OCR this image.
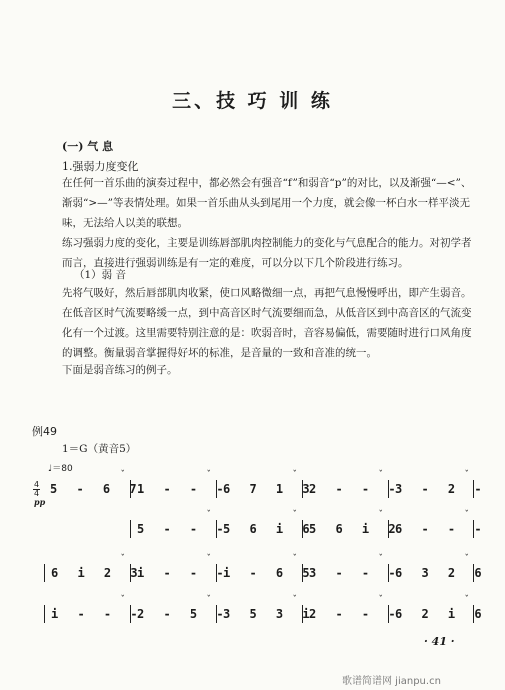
三、技 巧 训 练
(一) 气 息
1.强弱力度变化
在任何一首乐曲的演奏过程中，都必然会有强音“f”和弱音“p”的对比，以及渐强“—<”、渐弱“>—”等表情处理。如果一首乐曲从头到尾用一个力度，就会像一杯白水一样平淡无味，无法给人以美的联想。
练习强弱力度的变化，主要是训练唇部肌肉控制能力的变化与气息配合的能力。对初学者而言，直接进行强弱训练是有一定的难度，可以分以下几个阶段进行练习。
（1）弱 音
先将气吸好，然后唇部肌肉收紧，使口风略微细一点，再把气息慢慢呼出，即产生弱音。在低音区时气流要略缓一点，到中高音区时气流要细而急，从低音区到中高音区的气流变化有一个过渡。这里需要特别注意的是：吹弱音时，音容易偏低，需要随时进行口风角度的调整。衡量弱音掌握得好坏的标准，是音量的一致和音准的统一。
下面是弱音练习的例子。
例49
1＝G（黄音5）
♩＝80
4
4
pp
5 - 6 7
ˇ
1 - - -
ˇ
6 7 1 3
ˇ
2 - - -
ˇ
3 - 2 -
ˇ
5 - - -
ˇ
5 6 i 6
ˇ
5 6 i 2
ˇ
6 - - -
ˇ
6 i 2 3
ˇ
i - - -
ˇ
i - 6 5
ˇ
3 - - -
ˇ
6 3 2 6
ˇ
i - - -
ˇ
2 - 5 -
ˇ
3 5 3 i
ˇ
2 - - -
ˇ
6 2 i 6
ˇ
· 41 ·
歌谱简谱网 jianpu.cn
